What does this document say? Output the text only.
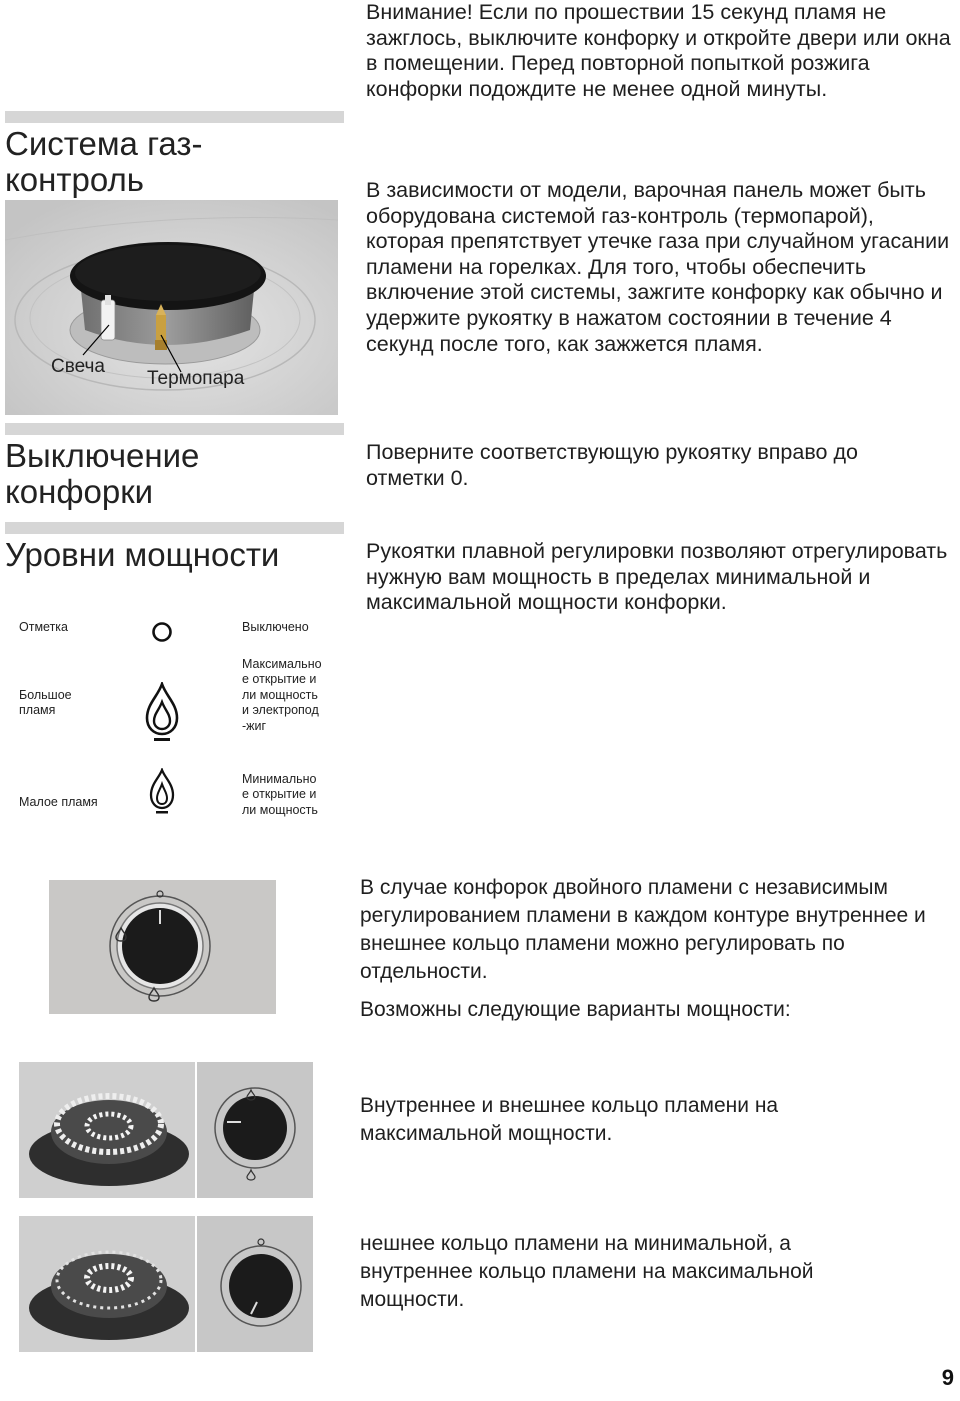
Внимание! Если по прошествии 15 секунд пламя не зажглось, выключите конфорку и откройте двери или окна в помещении. Перед повторной попыткой розжига конфорки подождите не менее одной минуты.
Система газ-контроль
Свеча
Термопара
В зависимости от модели, варочная панель может быть оборудована системой газ-контроль (термопарой), которая препятствует утечке газа при случайном угасании пламени на горелках. Для того, чтобы обеспечить включение этой системы, зажгите конфорку как обычно и удержите рукоятку в нажатом состоянии в течение 4 секунд после того, как зажжется пламя.
Выключение конфорки
Поверните соответствующую рукоятку вправо до отметки 0.
Уровни мощности	Рукоятки плавной регулировки позволяют отрегулировать нужную вам мощность в пределах минимальной и максимальной мощности конфорки.
Отметка	Выключено
Большое пламя
Максимальное открытие или мощность и электропод-жиг
Малое пламя
Минимальное открытие или мощность
В случае конфорок двойного пламени с независимым регулированием пламени в каждом контуре внутреннее и внешнее кольцо пламени можно регулировать по отдельности.
Возможны следующие варианты мощности:
Внутреннее и внешнее кольцо пламени на максимальной мощности.
нешнее кольцо пламени на минимальной, а внутреннее кольцо пламени на максимальной мощности.
9
